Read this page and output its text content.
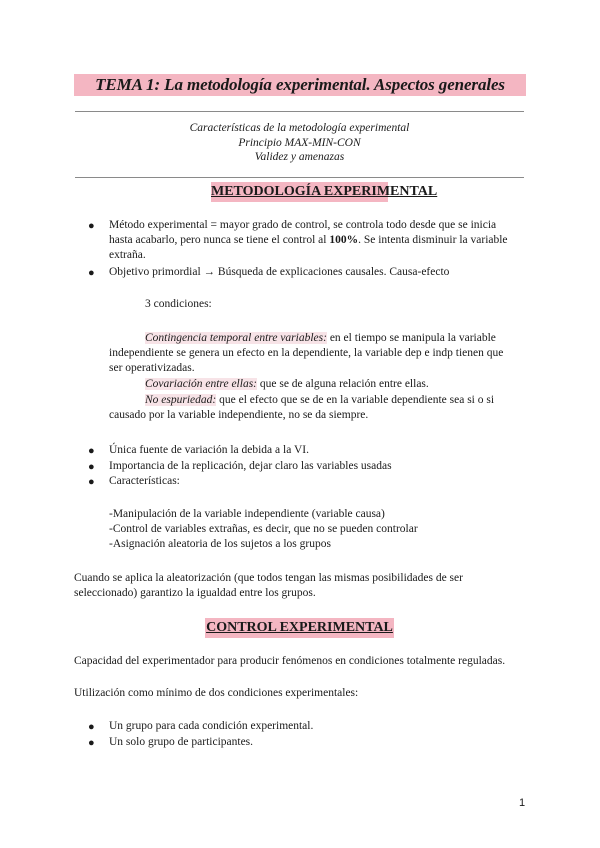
TEMA 1: La metodología experimental. Aspectos generales
Características de la metodología experimental
Principio MAX-MIN-CON
Validez y amenazas
METODOLOGÍA EXPERIMENTAL
● Método experimental = mayor grado de control, se controla todo desde que se inicia
hasta acabarlo, pero nunca se tiene el control al 100%. Se intenta disminuir la variable
extraña.
● Objetivo primordial → Búsqueda de explicaciones causales. Causa-efecto
3 condiciones:
Contingencia temporal entre variables: en el tiempo se manipula la variable
independiente se genera un efecto en la dependiente, la variable dep e indp tienen que
ser operativizadas.
Covariación entre ellas: que se de alguna relación entre ellas.
No espuriedad: que el efecto que se de en la variable dependiente sea si o si
causado por la variable independiente, no se da siempre.
● Única fuente de variación la debida a la VI.
● Importancia de la replicación, dejar claro las variables usadas
● Características:
-Manipulación de la variable independiente (variable causa)
-Control de variables extrañas, es decir, que no se pueden controlar
-Asignación aleatoria de los sujetos a los grupos
Cuando se aplica la aleatorización (que todos tengan las mismas posibilidades de ser
seleccionado) garantizo la igualdad entre los grupos.
CONTROL EXPERIMENTAL
Capacidad del experimentador para producir fenómenos en condiciones totalmente reguladas.
Utilización como mínimo de dos condiciones experimentales:
● Un grupo para cada condición experimental.
● Un solo grupo de participantes.
1
